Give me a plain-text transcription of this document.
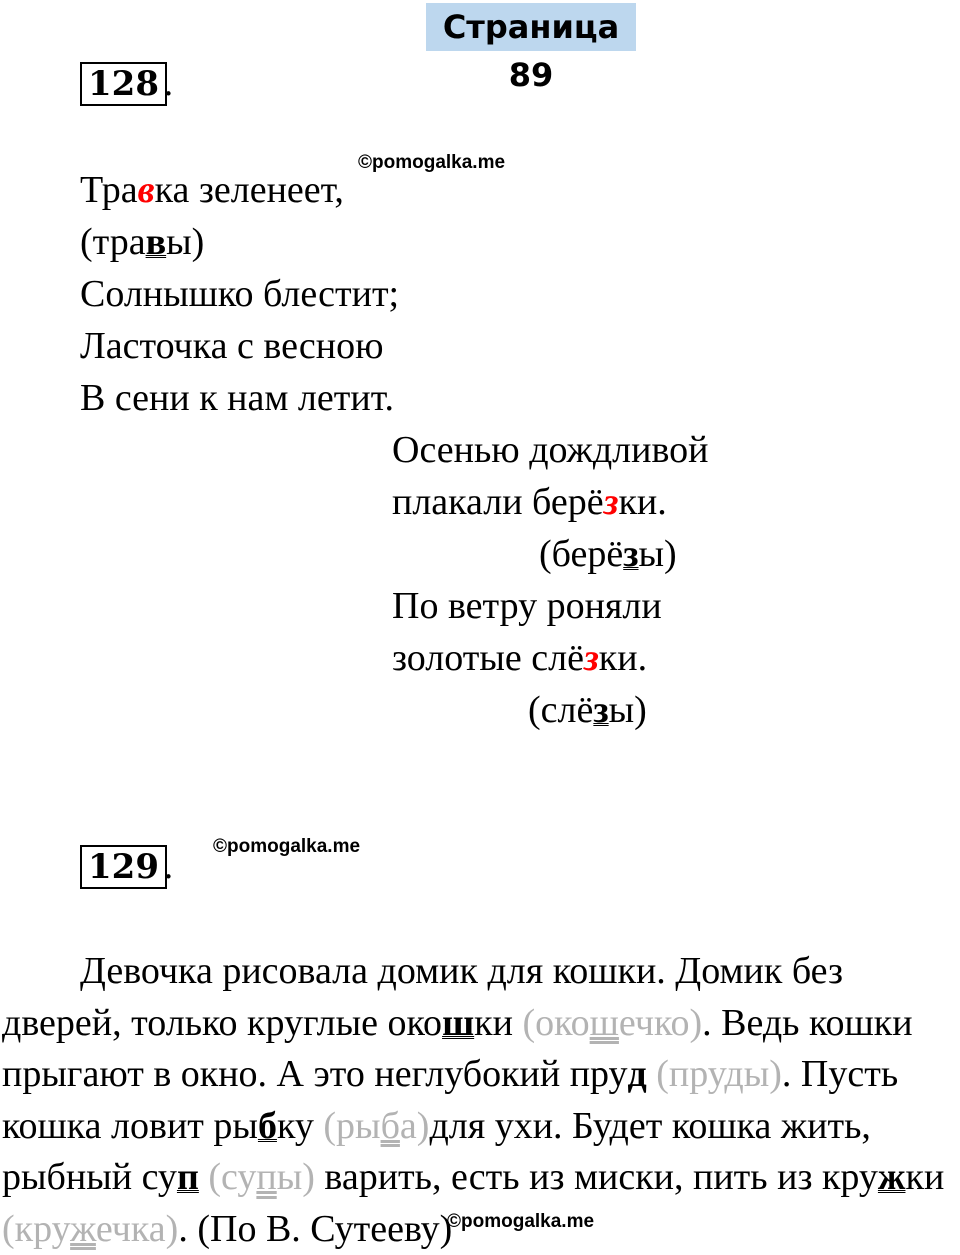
Страница 89
128 .
©pomogalka.me
Травка зеленеет,
(травы)
Солнышко блестит;
Ласточка с весною
В сени к нам летит.
Осенью дождливой
плакали берёзки.
(берёзы)
По ветру роняли
золотые слёзки.
(слёзы)
129 .
©pomogalka.me
Девочка рисовала домик для кошки. Домик без дверей, только круглые окошки (окошечко). Ведь кошки прыгают в окно. А это неглубокий пруд (пруды). Пусть кошка ловит рыбку (рыба)для ухи. Будет кошка жить, рыбный суп (супы) варить, есть из миски, пить из кружки (кружечка). (По В. Сутееву)
©pomogalka.me
